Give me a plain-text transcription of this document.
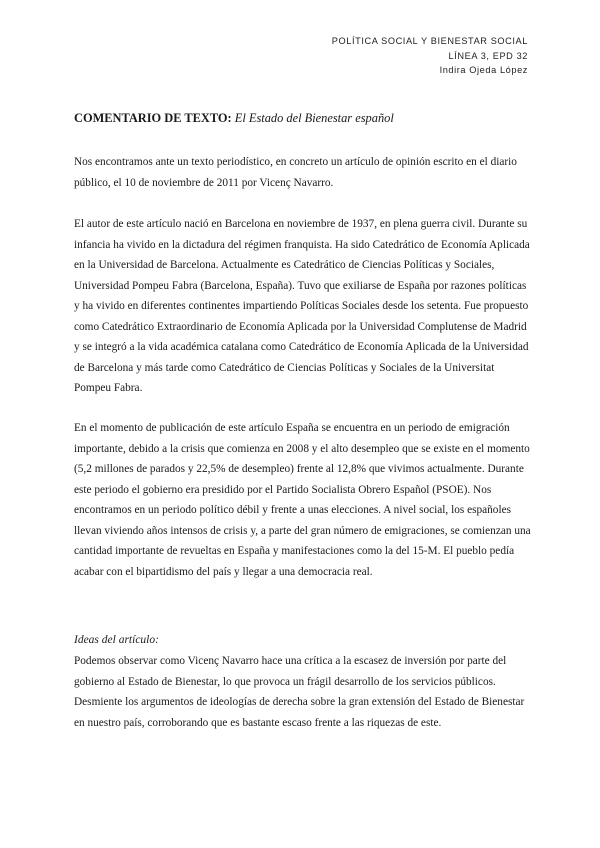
POLÍTICA SOCIAL Y BIENESTAR SOCIAL
LÍNEA 3, EPD 32
Indira Ojeda López
COMENTARIO DE TEXTO: El Estado del Bienestar español

Nos encontramos ante un texto periodístico, en concreto un artículo de opinión escrito en el diario público, el 10 de noviembre de 2011 por Vicenç Navarro.

El autor de este artículo nació en Barcelona en noviembre de 1937, en plena guerra civil. Durante su infancia ha vivido en la dictadura del régimen franquista. Ha sido Catedrático de Economía Aplicada en la Universidad de Barcelona. Actualmente es Catedrático de Ciencias Políticas y Sociales, Universidad Pompeu Fabra (Barcelona, España). Tuvo que exiliarse de España por razones políticas y ha vivido en diferentes continentes impartiendo Políticas Sociales desde los setenta. Fue propuesto como Catedrático Extraordinario de Economía Aplicada por la Universidad Complutense de Madrid y se integró a la vida académica catalana como Catedrático de Economía Aplicada de la Universidad de Barcelona y más tarde como Catedrático de Ciencias Políticas y Sociales de la Universitat Pompeu Fabra.

En el momento de publicación de este artículo España se encuentra en un periodo de emigración importante, debido a la crisis que comienza en 2008 y el alto desempleo que se existe en el momento (5,2 millones de parados y 22,5% de desempleo) frente al 12,8% que vivimos actualmente. Durante este periodo el gobierno era presidido por el Partido Socialista Obrero Español (PSOE). Nos encontramos en un periodo político débil y frente a unas elecciones. A nivel social, los españoles llevan viviendo años intensos de crisis y, a parte del gran número de emigraciones, se comienzan una cantidad importante de revueltas en España y manifestaciones como la del 15-M. El pueblo pedía acabar con el bipartidismo del país y llegar a una democracia real.

Ideas del artículo:

Podemos observar como Vicenç Navarro hace una crítica a la escasez de inversión por parte del gobierno al Estado de Bienestar, lo que provoca un frágil desarrollo de los servicios públicos. Desmiente los argumentos de ideologías de derecha sobre la gran extensión del Estado de Bienestar en nuestro país, corroborando que es bastante escaso frente a las riquezas de este.
